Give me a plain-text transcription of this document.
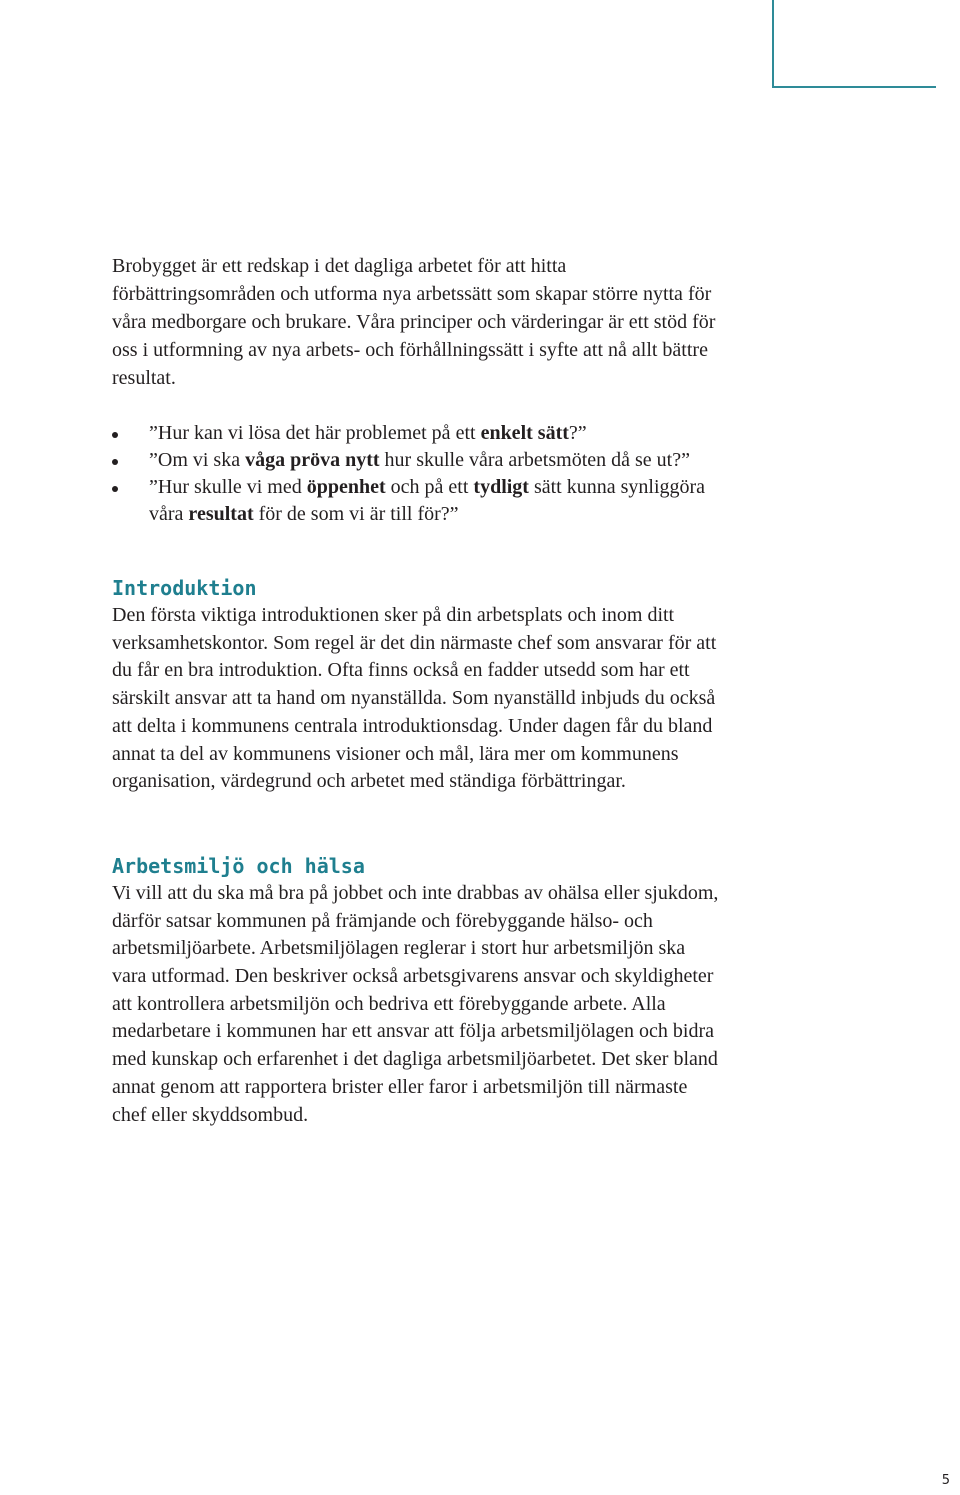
Brobygget är ett redskap i det dagliga arbetet för att hitta förbättringsområden och utforma nya arbetssätt som skapar större nytta för våra medborgare och brukare. Våra principer och värderingar är ett stöd för oss i utformning av nya arbets- och förhållningssätt i syfte att nå allt bättre resultat.

”Hur kan vi lösa det här problemet på ett enkelt sätt?”
”Om vi ska våga pröva nytt hur skulle våra arbetsmöten då se ut?”
”Hur skulle vi med öppenhet och på ett tydligt sätt kunna synliggöra våra resultat för de som vi är till för?”
Introduktion

Den första viktiga introduktionen sker på din arbetsplats och inom ditt verksamhetskontor. Som regel är det din närmaste chef som ansvarar för att du får en bra introduktion. Ofta finns också en fadder utsedd som har ett särskilt ansvar att ta hand om nyanställda. Som nyanställd inbjuds du också att delta i kommunens centrala introduktionsdag. Under dagen får du bland annat ta del av kommunens visioner och mål, lära mer om kommunens organisation, värdegrund och arbetet med ständiga förbättringar.

Arbetsmiljö och hälsa

Vi vill att du ska må bra på jobbet och inte drabbas av ohälsa eller sjukdom, därför satsar kommunen på främjande och förebyggande hälso- och arbetsmiljöarbete. Arbetsmiljölagen reglerar i stort hur arbetsmiljön ska vara utformad. Den beskriver också arbetsgivarens ansvar och skyldigheter att kontrollera arbetsmiljön och bedriva ett förebyggande arbete. Alla medarbetare i kommunen har ett ansvar att följa arbetsmiljölagen och bidra med kunskap och erfarenhet i det dagliga arbetsmiljöarbetet. Det sker bland annat genom att rapportera brister eller faror i arbetsmiljön till närmaste chef eller skyddsombud.

5
